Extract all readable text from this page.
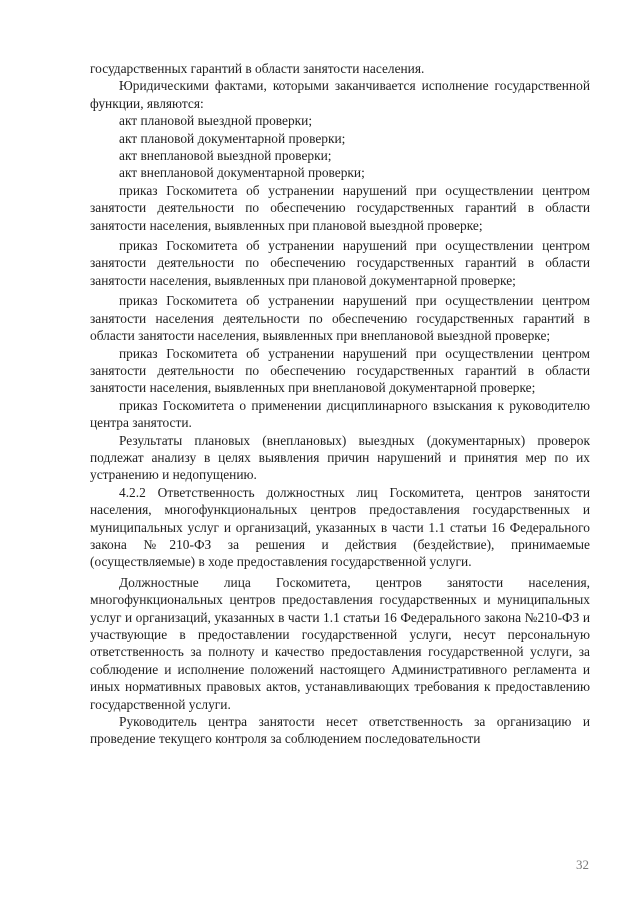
государственных гарантий в области занятости населения.

Юридическими фактами, которыми заканчивается исполнение государственной функции, являются:

акт плановой выездной проверки;

акт плановой документарной проверки;

акт внеплановой выездной проверки;

акт внеплановой документарной проверки;

приказ Госкомитета об устранении нарушений при осуществлении центром занятости деятельности по обеспечению государственных гарантий в области занятости населения, выявленных при плановой выездной проверке;

приказ Госкомитета об устранении нарушений при осуществлении центром занятости деятельности по обеспечению государственных гарантий в области занятости населения, выявленных при плановой документарной проверке;

приказ Госкомитета об устранении нарушений при осуществлении центром занятости населения деятельности по обеспечению государственных гарантий в области занятости населения, выявленных при внеплановой выездной проверке;

приказ Госкомитета об устранении нарушений при осуществлении центром занятости деятельности по обеспечению государственных гарантий в области занятости населения, выявленных при внеплановой документарной проверке;

приказ Госкомитета о применении дисциплинарного взыскания к руководителю центра занятости.

Результаты плановых (внеплановых) выездных (документарных) проверок подлежат анализу в целях выявления причин нарушений и принятия мер по их устранению и недопущению.

4.2.2 Ответственность должностных лиц Госкомитета, центров занятости населения, многофункциональных центров предоставления государственных и муниципальных услуг и организаций, указанных в части 1.1 статьи 16 Федерального закона №210-ФЗ за решения и действия (бездействие), принимаемые (осуществляемые) в ходе предоставления государственной услуги.

Должностные лица Госкомитета, центров занятости населения, многофункциональных центров предоставления государственных и муниципальных услуг и организаций, указанных в части 1.1 статьи 16 Федерального закона №210-ФЗ и участвующие в предоставлении государственной услуги, несут персональную ответственность за полноту и качество предоставления государственной услуги, за соблюдение и исполнение положений настоящего Административного регламента и иных нормативных правовых актов, устанавливающих требования к предоставлению государственной услуги.

Руководитель центра занятости несет ответственность за организацию и проведение текущего контроля за соблюдением последовательности

32
